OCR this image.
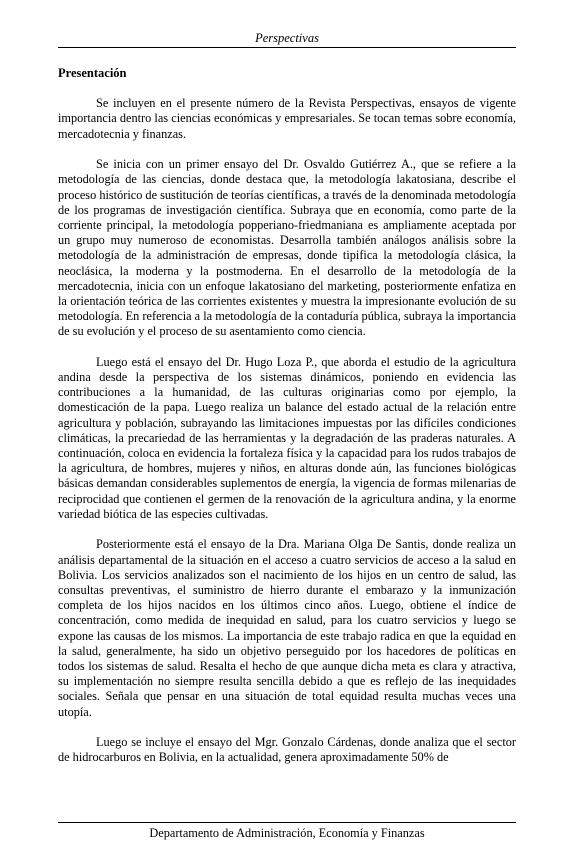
Perspectivas
Presentación

Se incluyen en el presente número de la Revista Perspectivas, ensayos de vigente importancia dentro las ciencias económicas y empresariales. Se tocan temas sobre economía, mercadotecnia y finanzas.

Se inicia con un primer ensayo del Dr. Osvaldo Gutiérrez A., que se refiere a la metodología de las ciencias, donde destaca que, la metodología lakatosiana, describe el proceso histórico de sustitución de teorías científicas, a través de la denominada metodología de los programas de investigación científica. Subraya que en economía, como parte de la corriente principal, la metodología popperiano-friedmaniana es ampliamente aceptada por un grupo muy numeroso de economistas. Desarrolla también análogos análisis sobre la metodología de la administración de empresas, donde tipifica la metodología clásica, la neoclásica, la moderna y la postmoderna. En el desarrollo de la metodología de la mercadotecnia, inicia con un enfoque lakatosiano del marketing, posteriormente enfatiza en la orientación teórica de las corrientes existentes y muestra la impresionante evolución de su metodología. En referencia a la metodología de la contaduría pública, subraya la importancia de su evolución y el proceso de su asentamiento como ciencia.

Luego está el ensayo del Dr. Hugo Loza P., que aborda el estudio de la agricultura andina desde la perspectiva de los sistemas dinámicos, poniendo en evidencia las contribuciones a la humanidad, de las culturas originarias como por ejemplo, la domesticación de la papa. Luego realiza un balance del estado actual de la relación entre agricultura y población, subrayando las limitaciones impuestas por las difíciles condiciones climáticas, la precariedad de las herramientas y la degradación de las praderas naturales. A continuación, coloca en evidencia la fortaleza física y la capacidad para los rudos trabajos de la agricultura, de hombres, mujeres y niños, en alturas donde aún, las funciones biológicas básicas demandan considerables suplementos de energía, la vigencia de formas milenarias de reciprocidad que contienen el germen de la renovación de la agricultura andina, y la enorme variedad biótica de las especies cultivadas.

Posteriormente está el ensayo de la Dra. Mariana Olga De Santis, donde realiza un análisis departamental de la situación en el acceso a cuatro servicios de acceso a la salud en Bolivia. Los servicios analizados son el nacimiento de los hijos en un centro de salud, las consultas preventivas, el suministro de hierro durante el embarazo y la inmunización completa de los hijos nacidos en los últimos cinco años. Luego, obtiene el índice de concentración, como medida de inequidad en salud, para los cuatro servicios y luego se expone las causas de los mismos. La importancia de este trabajo radica en que la equidad en la salud, generalmente, ha sido un objetivo perseguido por los hacedores de políticas en todos los sistemas de salud. Resalta el hecho de que aunque dicha meta es clara y atractiva, su implementación no siempre resulta sencilla debido a que es reflejo de las inequidades sociales. Señala que pensar en una situación de total equidad resulta muchas veces una utopía.

Luego se incluye el ensayo del Mgr. Gonzalo Cárdenas, donde analiza que el sector de hidrocarburos en Bolivia, en la actualidad, genera aproximadamente 50% de

Departamento de Administración, Economía y Finanzas
